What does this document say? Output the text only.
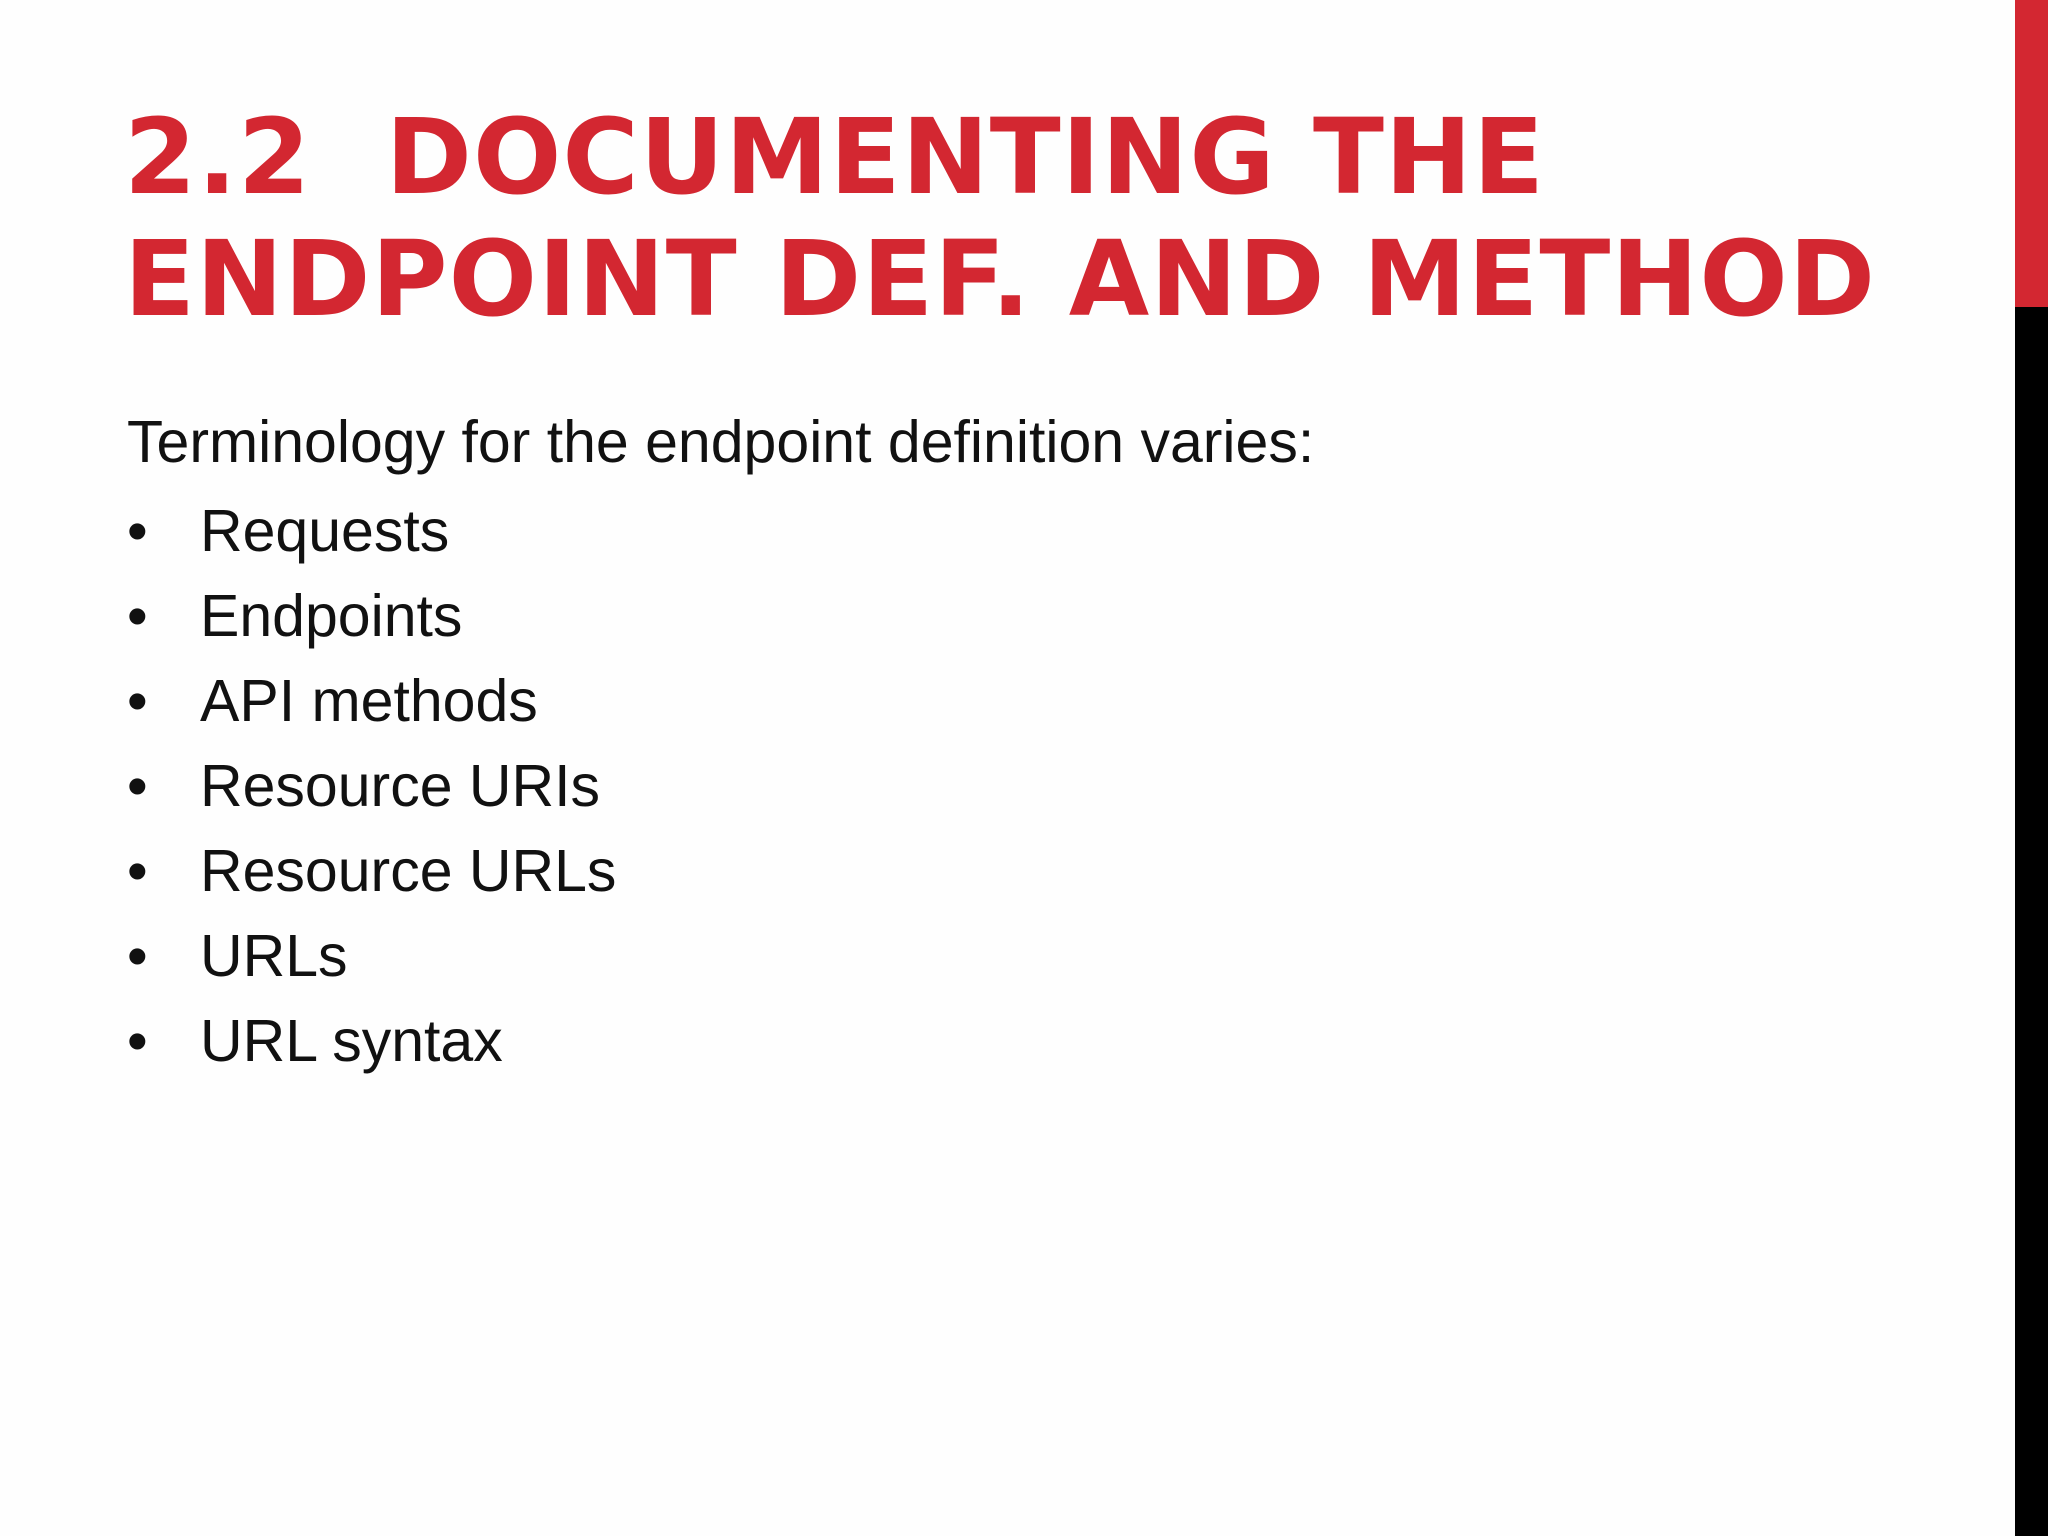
2.2  DOCUMENTING THE
ENDPOINT DEF. AND METHOD

Terminology for the endpoint definition varies:

• Requests
• Endpoints
• API methods
• Resource URIs
• Resource URLs
• URLs
• URL syntax
